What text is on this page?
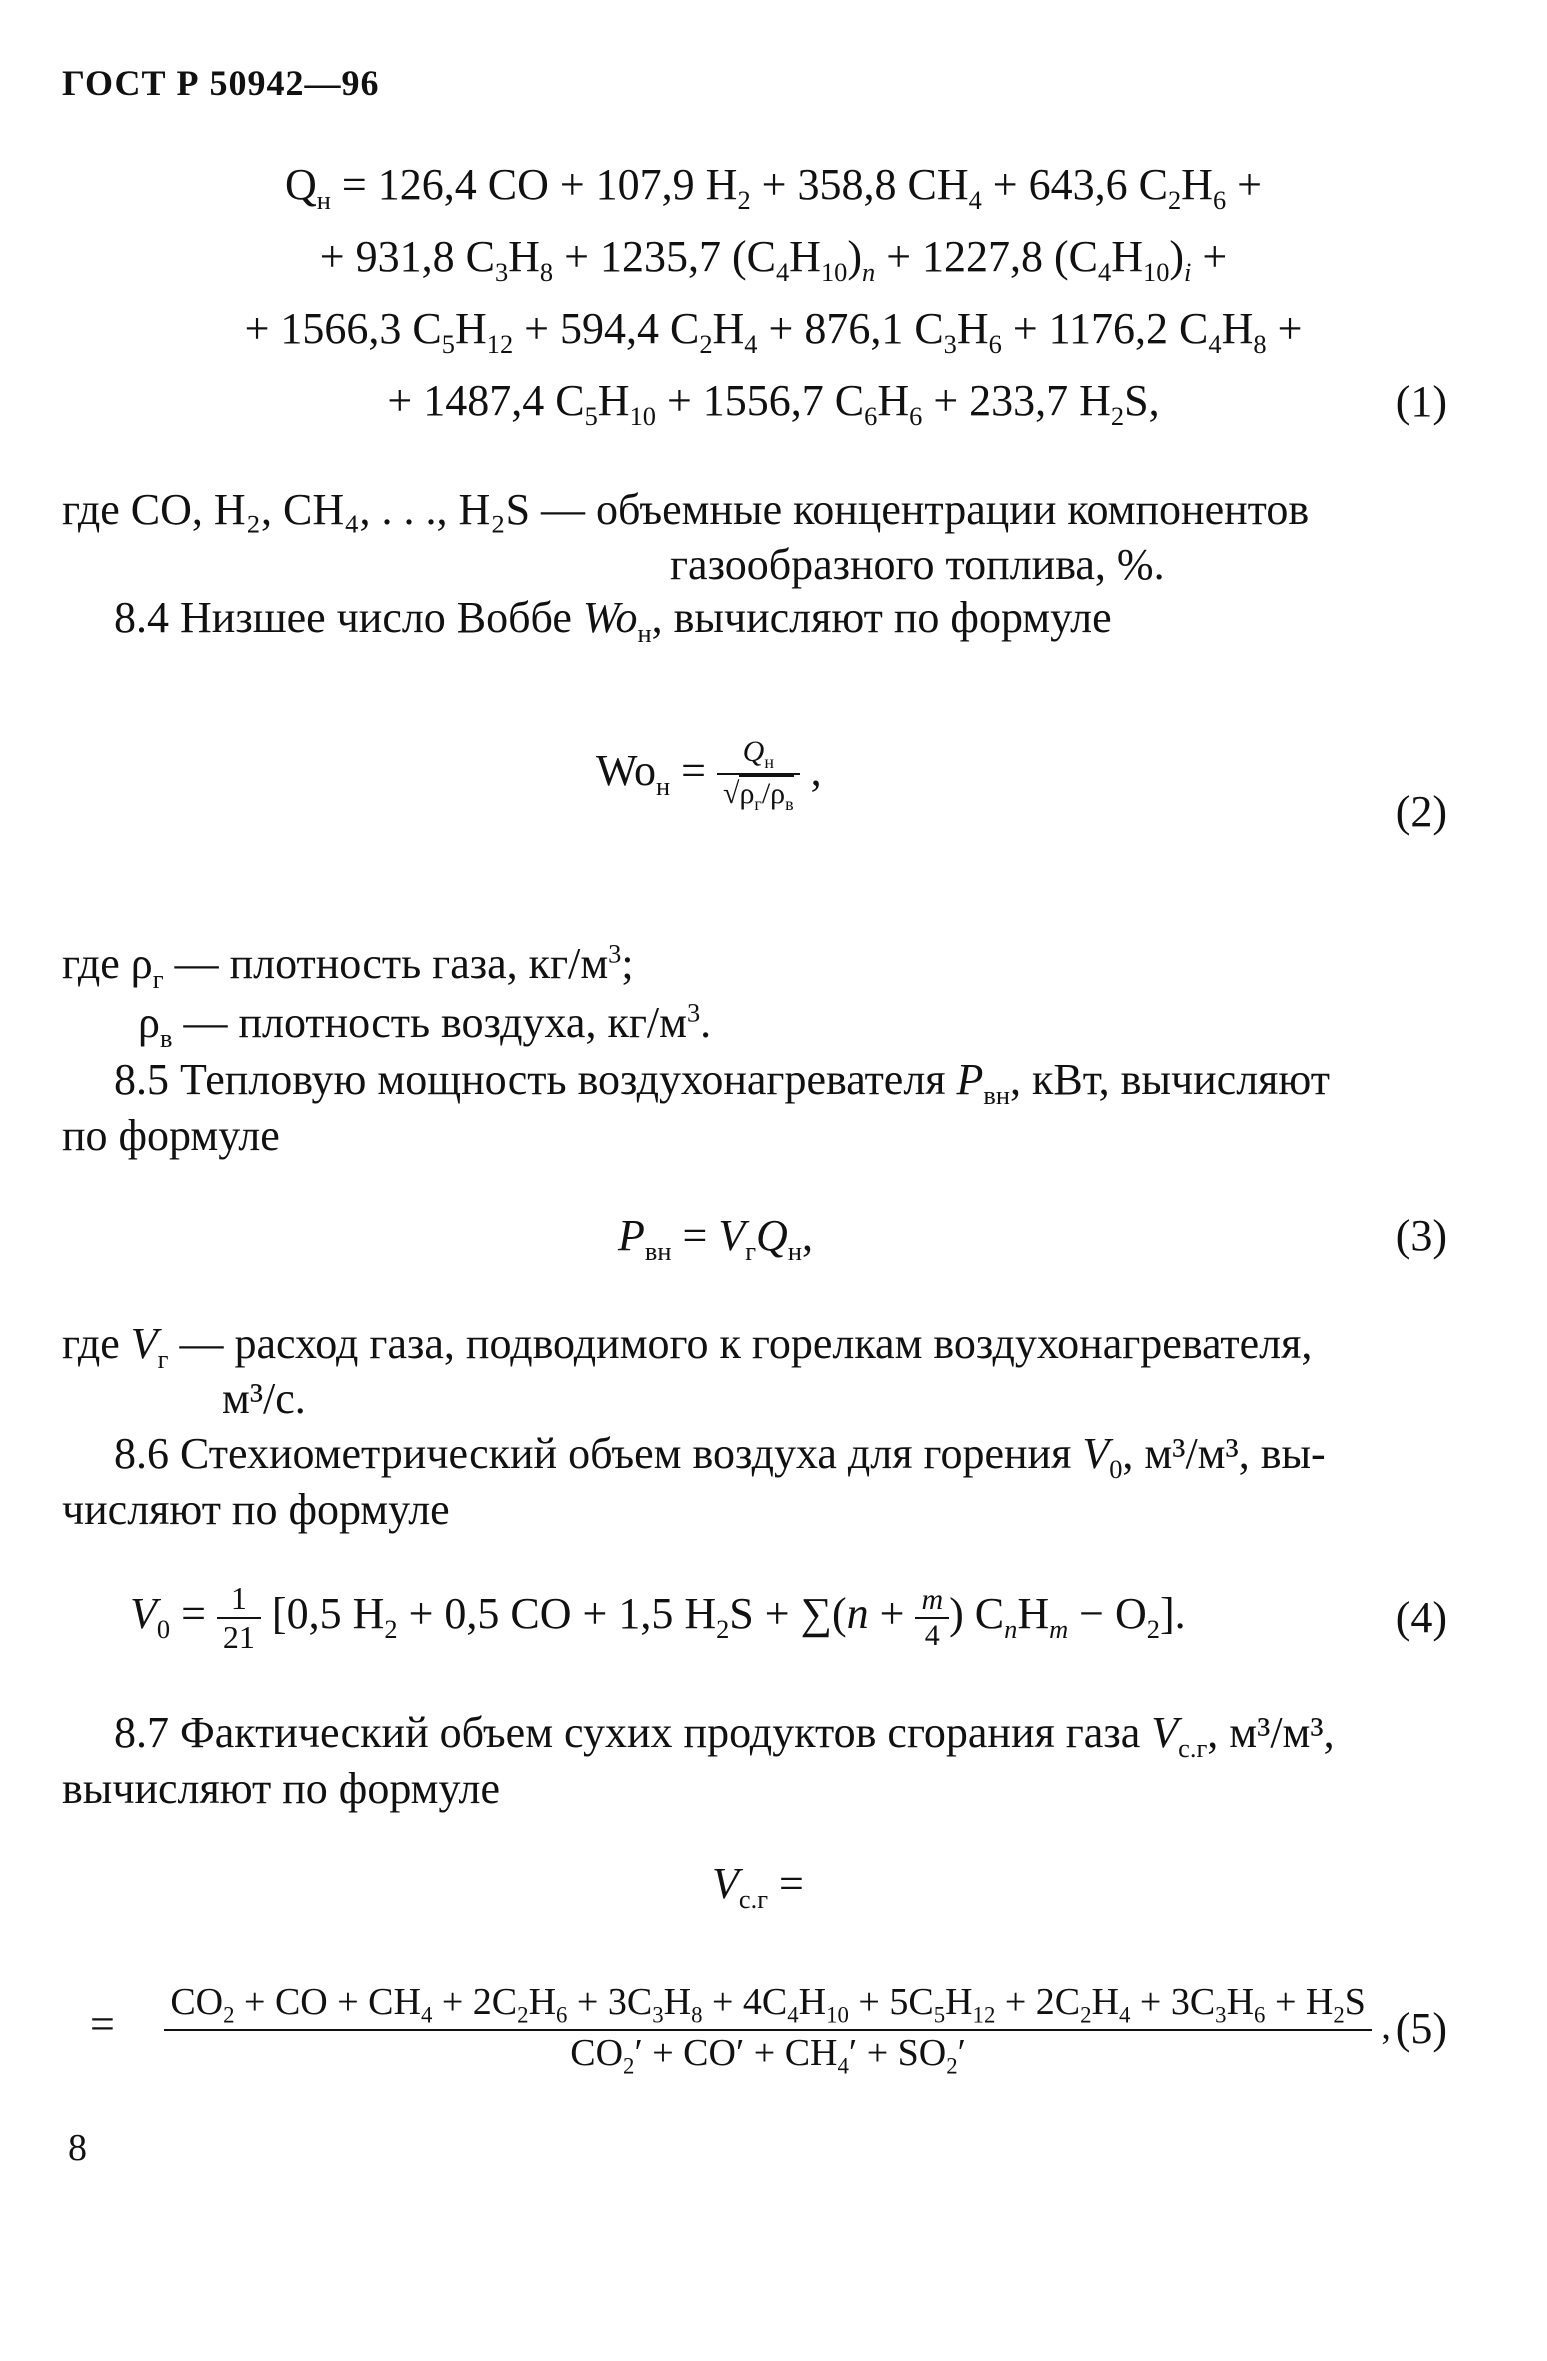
ГОСТ Р 50942—96
$Q_н = 126,4$ CO + 107,9 $H_2 + 358,8$ $CH_4 + 643,6$ $C_2H_6$ +
+ 931,8 $C_3H_8 + 1235,7$ $(C_4H_{10})_n + 1227,8$ $(C_4H_{10})_i$ +
+ 1566,3 $C_5H_{12} + 594,4$ $C_2H_4 + 876,1$ $C_3H_6 + 1176,2$ $C_4H_8$ +
+ 1487,4 $C_5H_{10} + 1556,7$ $C_6H_6 + 233,7$ $H_2S$,	(1)
где CO, H₂, CH₄, . . ., H₂S — объемные концентрации компонентов
газообразного топлива, %.
8.4 Низшее число Воббе $Wo_н$, вычисляют по формуле
$Wo_н = \frac{Q_н}{√\rho_г/\rho_в}$ ,
(2)
где $\rho_г$ — плотность газа, $кг/м^3$;
$\rho_в$ — плотность воздуха, $кг/м^3$.
8.5 Тепловую мощность воздухонагревателя $P_{вн}$, кВт, вычисляют
по формуле
$P_{вн} = V_гQ_н$,	(3)
где $V_г$ — расход газа, подводимого к горелкам воздухонагревателя,
м³/с.
8.6 Стехиометрический объем воздуха для горения $V_0$, м³/м³, вы-
числяют по формуле
$V_0 = \frac{1}{21} [0,5$ $H_2 + 0,5$ CO + 1,5 $H_2S + \sum(n + \frac{m}{4}$ ) $C_nH_m - O_2$].	(4)
8.7 Фактический объем сухих продуктов сгорания газа $V_{с.г}$, м³/м³,
вычисляют по формуле
$V_{с.г}$ =
= $CO_2$ + CO + $CH_4 + 2C_2H_6 + 3C_3H_8 + 4C_4H_{10} + 5C_5H_{12} + 2C_2H_4 + 3C_3H_6 + H_2S$
$CO_2' + CO' + CH_4' + SO_2'$
, (5)
8
